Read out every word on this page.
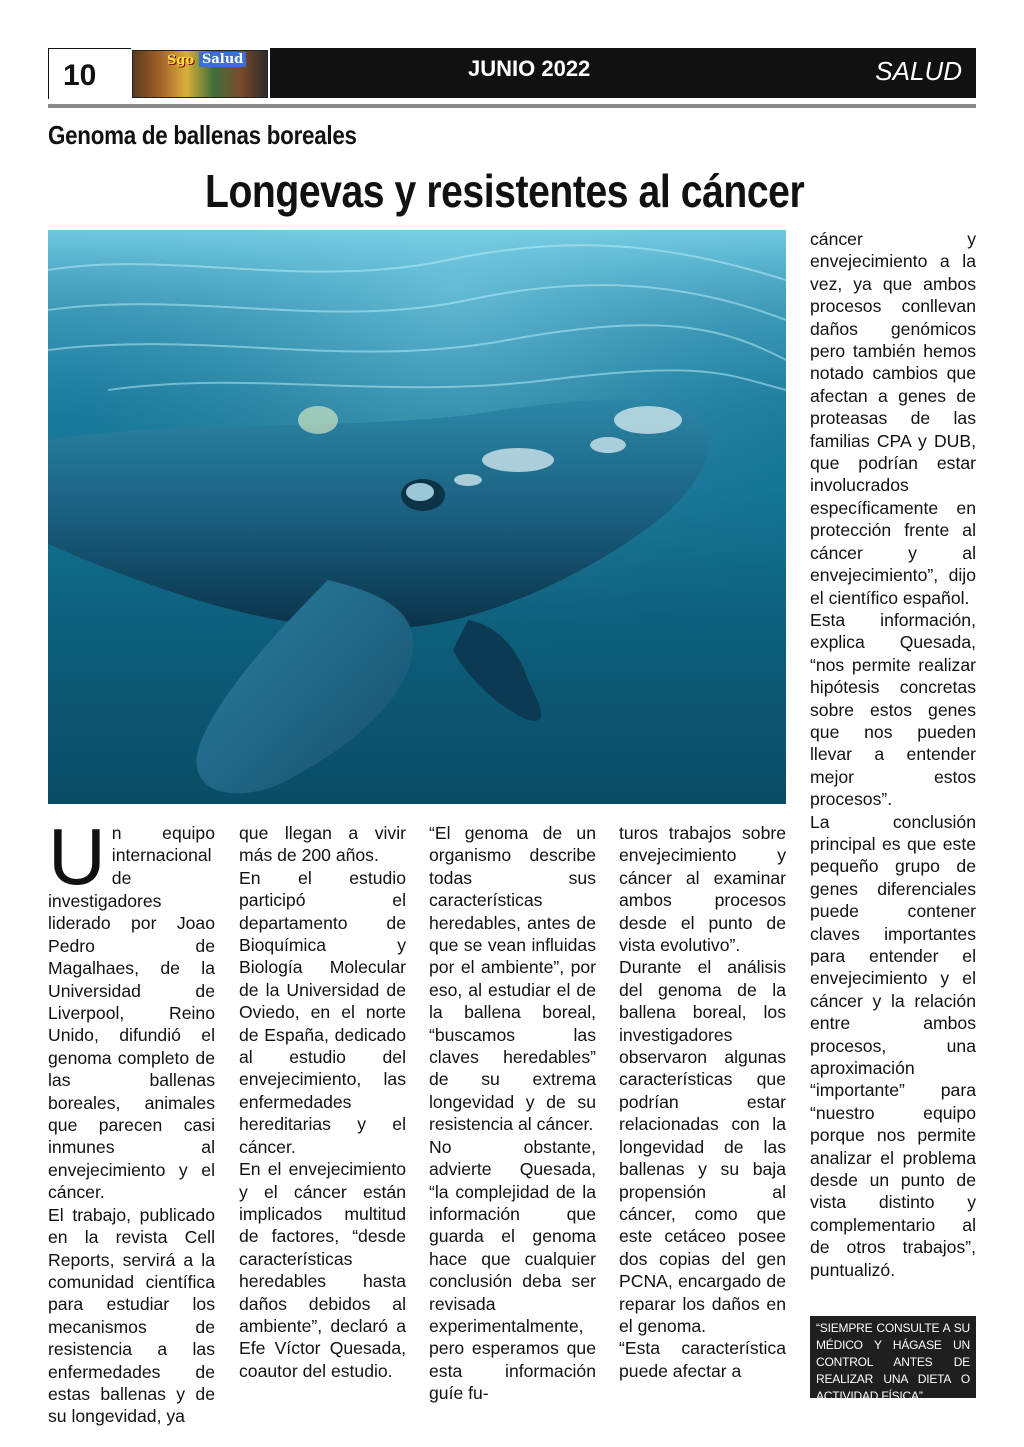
10	Sgo Salud	JUNIO 2022	SALUD
Genoma de ballenas boreales
Longevas y resistentes al cáncer
U n equipo internacional de investigadores liderado por Joao Pedro de Magalhaes, de la Universidad de Liverpool, Reino Unido, difundió el genoma completo de las ballenas boreales, animales que parecen casi inmunes al envejecimiento y el cáncer.

El trabajo, publicado en la revista Cell Reports, servirá a la comunidad científica para estudiar los mecanismos de resistencia a las enfermedades de estas ballenas y de su longevidad, ya

que llegan a vivir más de 200 años.

En el estudio participó el departamento de Bioquímica y Biología Molecular de la Universidad de Oviedo, en el norte de España, dedicado al estudio del envejecimiento, las enfermedades hereditarias y el cáncer.

En el envejecimiento y el cáncer están implicados multitud de factores, “desde características heredables hasta daños debidos al ambiente”, declaró a Efe Víctor Quesada, coautor del estudio.

“El genoma de un organismo describe todas sus características heredables, antes de que se vean influidas por el ambiente”, por eso, al estudiar el de la ballena boreal, “buscamos las claves heredables” de su extrema longevidad y de su resistencia al cáncer.

No obstante, advierte Quesada, “la complejidad de la información que guarda el genoma hace que cualquier conclusión deba ser revisada experimentalmente, pero esperamos que esta información guíe fu-

turos trabajos sobre envejecimiento y cáncer al examinar ambos procesos desde el punto de vista evolutivo”.

Durante el análisis del genoma de la ballena boreal, los investigadores observaron algunas características que podrían estar relacionadas con la longevidad de las ballenas y su baja propensión al cáncer, como que este cetáceo posee dos copias del gen PCNA, encargado de reparar los daños en el genoma.

“Esta característica puede afectar a

cáncer y envejecimiento a la vez, ya que ambos procesos conllevan daños genómicos pero también hemos notado cambios que afectan a genes de proteasas de las familias CPA y DUB, que podrían estar involucrados específicamente en protección frente al cáncer y al envejecimiento”, dijo el científico español.

Esta información, explica Quesada, “nos permite realizar hipótesis concretas sobre estos genes que nos pueden llevar a entender mejor estos procesos”.

La conclusión principal es que este pequeño grupo de genes diferenciales puede contener claves importantes para entender el envejecimiento y el cáncer y la relación entre ambos procesos, una aproximación “importante” para “nuestro equipo porque nos permite analizar el problema desde un punto de vista distinto y complementario al de otros trabajos”, puntualizó.

“SIEMPRE CONSULTE A SU MÉDICO Y HÁGASE UN CONTROL ANTES DE REALIZAR UNA DIETA O ACTIVIDAD FÍSICA”
